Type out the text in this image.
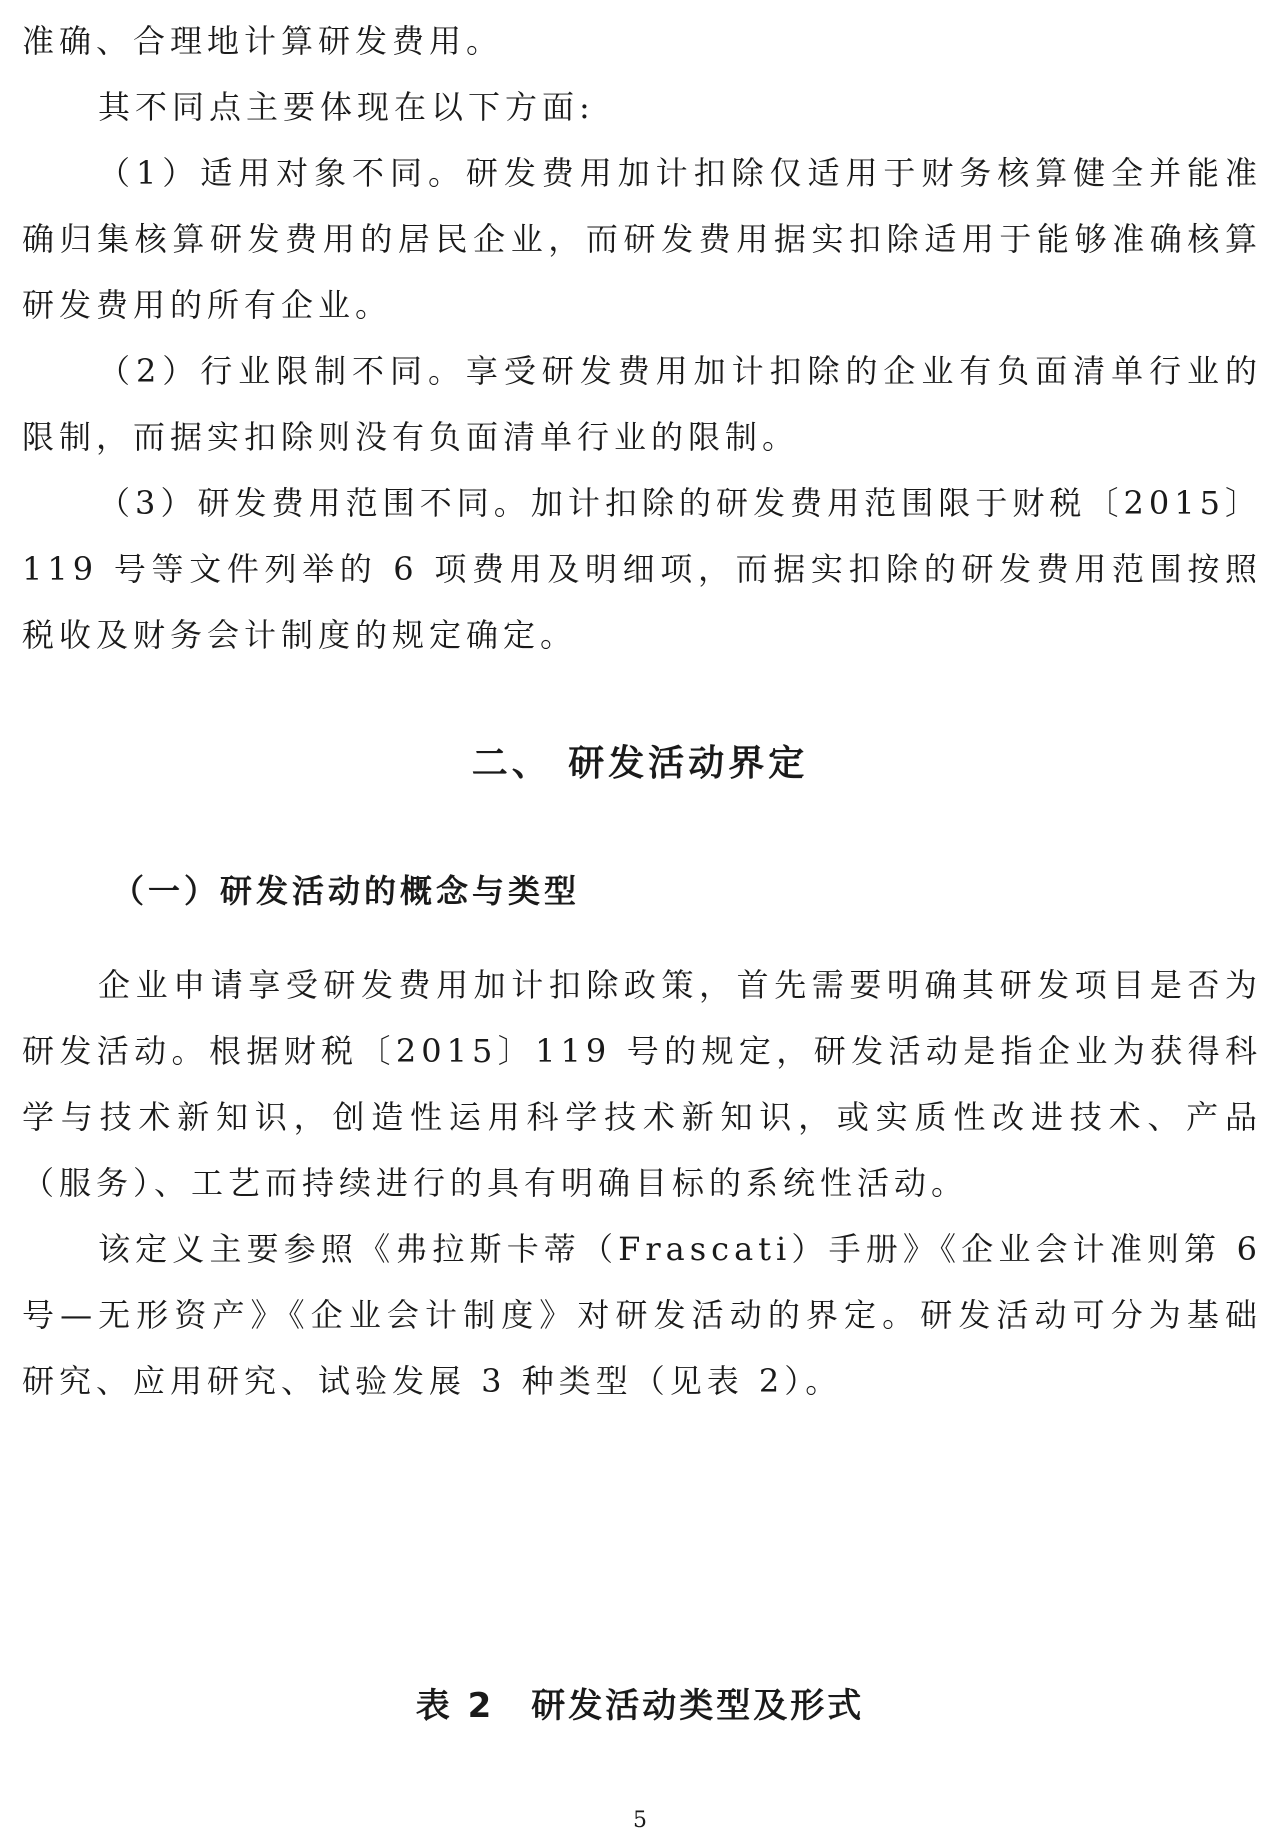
准确、合理地计算研发费用。

其不同点主要体现在以下方面:

（1）适用对象不同。研发费用加计扣除仅适用于财务核算健全并能准确归集核算研发费用的居民企业，而研发费用据实扣除适用于能够准确核算研发费用的所有企业。

（2）行业限制不同。享受研发费用加计扣除的企业有负面清单行业的限制，而据实扣除则没有负面清单行业的限制。

（3）研发费用范围不同。加计扣除的研发费用范围限于财税〔2015〕119 号等文件列举的 6 项费用及明细项，而据实扣除的研发费用范围按照税收及财务会计制度的规定确定。

二、 研发活动界定
（一）研发活动的概念与类型

企业申请享受研发费用加计扣除政策，首先需要明确其研发项目是否为研发活动。根据财税〔2015〕119 号的规定，研发活动是指企业为获得科学与技术新知识，创造性运用科学技术新知识，或实质性改进技术、产品（服务）、工艺而持续进行的具有明确目标的系统性活动。

该定义主要参照《弗拉斯卡蒂（Frascati）手册》《企业会计准则第 6 号—无形资产》《企业会计制度》对研发活动的界定。研发活动可分为基础研究、应用研究、试验发展 3 种类型（见表 2）。

表 2　研发活动类型及形式

5
